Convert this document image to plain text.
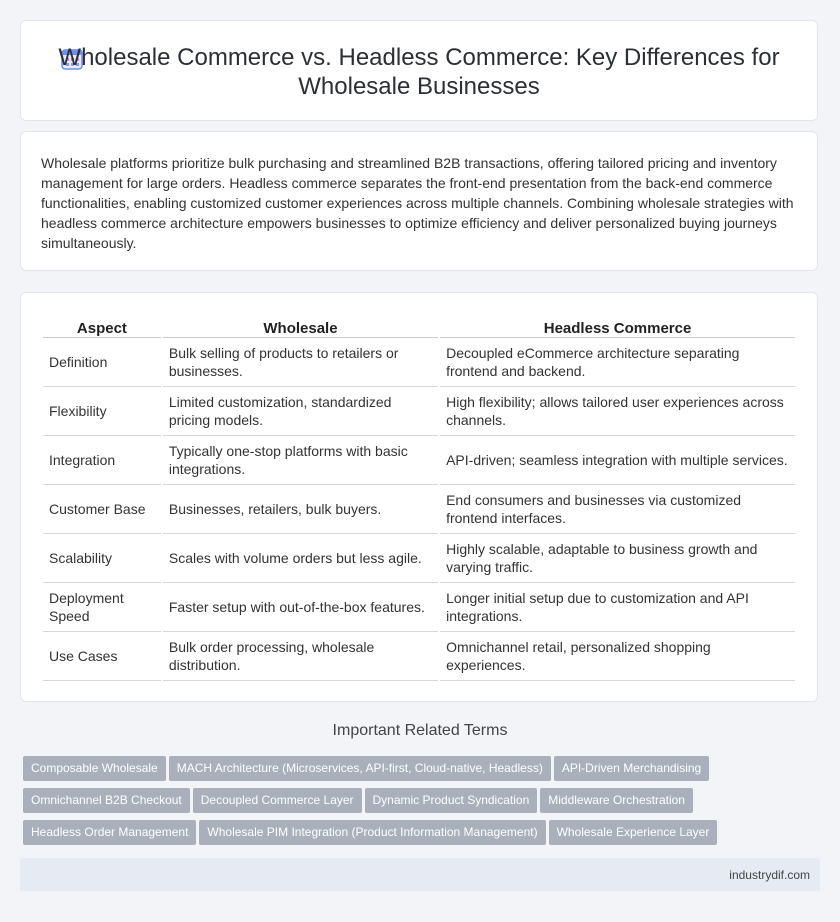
Wholesale Commerce vs. Headless Commerce: Key Differences for Wholesale Businesses

Wholesale platforms prioritize bulk purchasing and streamlined B2B transactions, offering tailored pricing and inventory management for large orders. Headless commerce separates the front-end presentation from the back-end commerce functionalities, enabling customized customer experiences across multiple channels. Combining wholesale strategies with headless commerce architecture empowers businesses to optimize efficiency and deliver personalized buying journeys simultaneously.

Aspect	Wholesale	Headless Commerce
Definition	Bulk selling of products to retailers or businesses.	Decoupled eCommerce architecture separating frontend and backend.
Flexibility	Limited customization, standardized pricing models.	High flexibility; allows tailored user experiences across channels.
Integration	Typically one-stop platforms with basic integrations.	API-driven; seamless integration with multiple services.
Customer Base	Businesses, retailers, bulk buyers.	End consumers and businesses via customized frontend interfaces.
Scalability	Scales with volume orders but less agile.	Highly scalable, adaptable to business growth and varying traffic.
Deployment Speed	Faster setup with out-of-the-box features.	Longer initial setup due to customization and API integrations.
Use Cases	Bulk order processing, wholesale distribution.	Omnichannel retail, personalized shopping experiences.
Important Related Terms
Composable Wholesale MACH Architecture (Microservices, API-first, Cloud-native, Headless) API-Driven Merchandising
Omnichannel B2B Checkout Decoupled Commerce Layer Dynamic Product Syndication Middleware Orchestration
Headless Order Management Wholesale PIM Integration (Product Information Management) Wholesale Experience Layer
industrydif.com
